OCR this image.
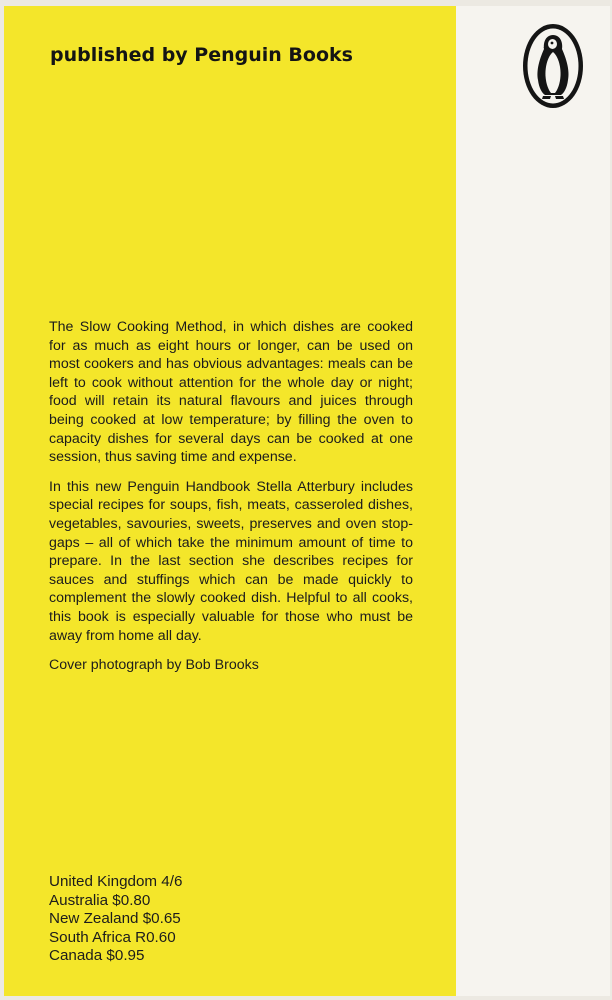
published by Penguin Books

The Slow Cooking Method, in which dishes are cooked for as much as eight hours or longer, can be used on most cookers and has obvious advantages: meals can be left to cook without attention for the whole day or night; food will retain its natural flavours and juices through being cooked at low temperature; by filling the oven to capacity dishes for several days can be cooked at one session, thus saving time and expense.

In this new Penguin Handbook Stella Atterbury includes special recipes for soups, fish, meats, casseroled dishes, vegetables, savouries, sweets, preserves and oven stop-gaps – all of which take the minimum amount of time to prepare. In the last section she describes recipes for sauces and stuffings which can be made quickly to complement the slowly cooked dish. Helpful to all cooks, this book is especially valuable for those who must be away from home all day.

Cover photograph by Bob Brooks

United Kingdom 4/6
Australia $0.80
New Zealand $0.65
South Africa R0.60
Canada $0.95
